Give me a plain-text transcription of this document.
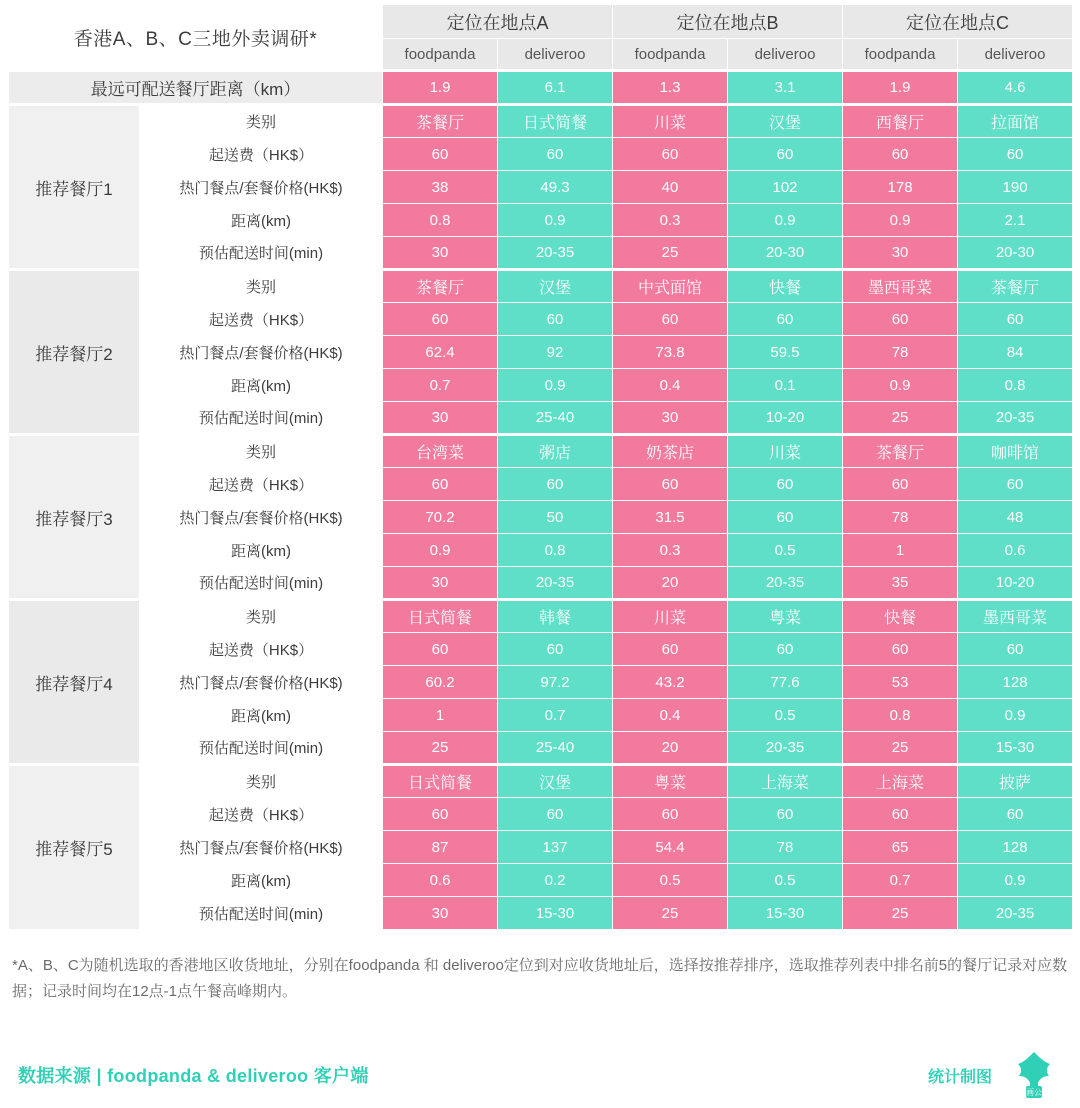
香港A、B、C三地外卖调研*		定位在地点A		定位在地点B		定位在地点C	
		foodpanda	deliveroo	foodpanda	deliveroo	foodpanda	deliveroo
最远可配送餐厅距离（km）		1.9	6.1	1.3	3.1	1.9	4.6
推荐餐厅1	类别	茶餐厅	日式简餐	川菜	汉堡	西餐厅	拉面馆
	起送费（HK$）	60	60	60	60	60	60
	热门餐点/套餐价格(HK$)	38	49.3	40	102	178	190
	距离(km)	0.8	0.9	0.3	0.9	0.9	2.1
	预估配送时间(min)	30	20-35	25	20-30	30	20-30
推荐餐厅2	类别	茶餐厅	汉堡	中式面馆	快餐	墨西哥菜	茶餐厅
	起送费（HK$）	60	60	60	60	60	60
	热门餐点/套餐价格(HK$)	62.4	92	73.8	59.5	78	84
	距离(km)	0.7	0.9	0.4	0.1	0.9	0.8
	预估配送时间(min)	30	25-40	30	10-20	25	20-35
推荐餐厅3	类别	台湾菜	粥店	奶茶店	川菜	茶餐厅	咖啡馆
	起送费（HK$）	60	60	60	60	60	60
	热门餐点/套餐价格(HK$)	70.2	50	31.5	60	78	48
	距离(km)	0.9	0.8	0.3	0.5	1	0.6
	预估配送时间(min)	30	20-35	20	20-35	35	10-20
推荐餐厅4	类别	日式简餐	韩餐	川菜	粤菜	快餐	墨西哥菜
	起送费（HK$）	60	60	60	60	60	60
	热门餐点/套餐价格(HK$)	60.2	97.2	43.2	77.6	53	128
	距离(km)	1	0.7	0.4	0.5	0.8	0.9
	预估配送时间(min)	25	25-40	20	20-35	25	15-30
推荐餐厅5	类别	日式简餐	汉堡	粤菜	上海菜	上海菜	披萨
	起送费（HK$）	60	60	60	60	60	60
	热门餐点/套餐价格(HK$)	87	137	54.4	78	65	128
	距离(km)	0.6	0.2	0.5	0.5	0.7	0.9
	预估配送时间(min)	30	15-30	25	15-30	25	20-35
*A、B、C为随机选取的香港地区收货地址，分别在foodpanda 和 deliveroo定位到对应收货地址后，选择按推荐排序，选取推荐列表中排名前5的餐厅记录对应数据；记录时间均在12点-1点午餐高峰期内。
数据来源 | foodpanda & deliveroo 客户端	统计制图
画画公社
